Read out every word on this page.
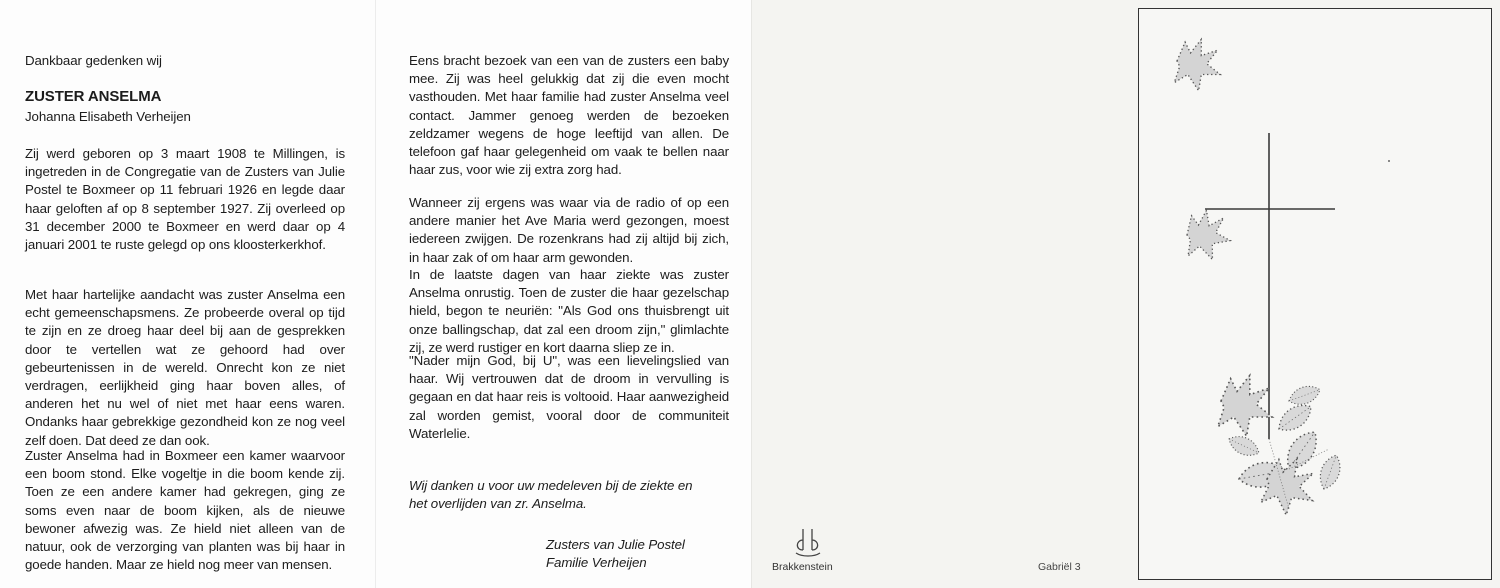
Dankbaar gedenken wij

ZUSTER ANSELMA

Johanna Elisabeth Verheijen

Zij werd geboren op 3 maart 1908 te Millingen, is ingetreden in de Congregatie van de Zusters van Julie Postel te Boxmeer op 11 februari 1926 en legde daar haar geloften af op 8 september 1927. Zij overleed op 31 december 2000 te Boxmeer en werd daar op 4 januari 2001 te ruste gelegd op ons kloosterkerkhof.

Met haar hartelijke aandacht was zuster Anselma een echt gemeenschapsmens. Ze probeerde overal op tijd te zijn en ze droeg haar deel bij aan de gesprekken door te vertellen wat ze gehoord had over gebeurtenissen in de wereld. Onrecht kon ze niet verdragen, eerlijkheid ging haar boven alles, of anderen het nu wel of niet met haar eens waren. Ondanks haar gebrekkige gezondheid kon ze nog veel zelf doen. Dat deed ze dan ook.

Zuster Anselma had in Boxmeer een kamer waarvoor een boom stond. Elke vogeltje in die boom kende zij. Toen ze een andere kamer had gekregen, ging ze soms even naar de boom kijken, als de nieuwe bewoner afwezig was. Ze hield niet alleen van de natuur, ook de verzorging van planten was bij haar in goede handen. Maar ze hield nog meer van mensen.

Eens bracht bezoek van een van de zusters een baby mee. Zij was heel gelukkig dat zij die even mocht vasthouden. Met haar familie had zuster Anselma veel contact. Jammer genoeg werden de bezoeken zeldzamer wegens de hoge leeftijd van allen. De telefoon gaf haar gelegenheid om vaak te bellen naar haar zus, voor wie zij extra zorg had.

Wanneer zij ergens was waar via de radio of op een andere manier het Ave Maria werd gezongen, moest iedereen zwijgen. De rozenkrans had zij altijd bij zich, in haar zak of om haar arm gewonden.

In de laatste dagen van haar ziekte was zuster Anselma onrustig. Toen de zuster die haar gezelschap hield, begon te neuriën: "Als God ons thuisbrengt uit onze ballingschap, dat zal een droom zijn," glimlachte zij, ze werd rustiger en kort daarna sliep ze in.

"Nader mijn God, bij U", was een lievelingslied van haar. Wij vertrouwen dat de droom in vervulling is gegaan en dat haar reis is voltooid. Haar aanwezigheid zal worden gemist, vooral door de communiteit Waterlelie.

Wij danken u voor uw medeleven bij de ziekte en het overlijden van zr. Anselma.

Zusters van Julie Postel

Familie Verheijen	Brakkenstein	Gabriël 3
